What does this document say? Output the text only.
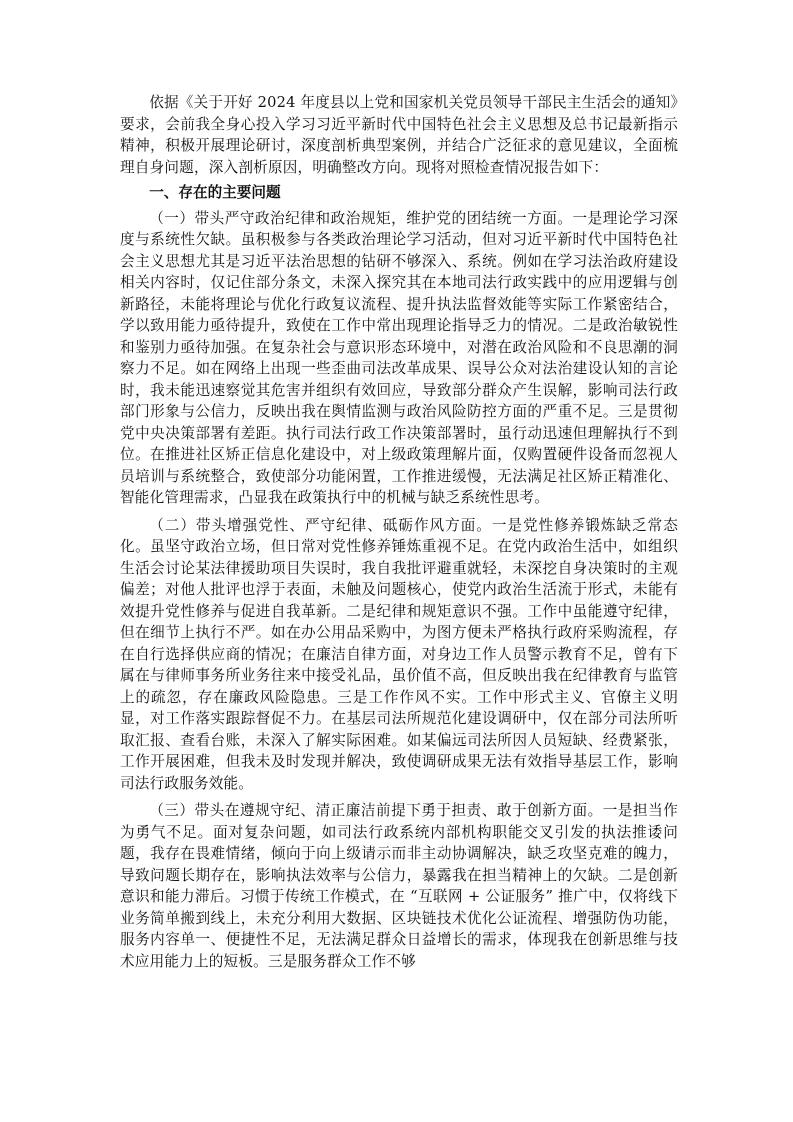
依据《关于开好 2024 年度县以上党和国家机关党员领导干部民主生活会的通知》要求，会前我全身心投入学习习近平新时代中国特色社会主义思想及总书记最新指示精神，积极开展理论研讨，深度剖析典型案例，并结合广泛征求的意见建议，全面梳理自身问题，深入剖析原因，明确整改方向。现将对照检查情况报告如下：

一、存在的主要问题

（一）带头严守政治纪律和政治规矩，维护党的团结统一方面。一是理论学习深度与系统性欠缺。虽积极参与各类政治理论学习活动，但对习近平新时代中国特色社会主义思想尤其是习近平法治思想的钻研不够深入、系统。例如在学习法治政府建设相关内容时，仅记住部分条文，未深入探究其在本地司法行政实践中的应用逻辑与创新路径，未能将理论与优化行政复议流程、提升执法监督效能等实际工作紧密结合，学以致用能力亟待提升，致使在工作中常出现理论指导乏力的情况。二是政治敏锐性和鉴别力亟待加强。在复杂社会与意识形态环境中，对潜在政治风险和不良思潮的洞察力不足。如在网络上出现一些歪曲司法改革成果、误导公众对法治建设认知的言论时，我未能迅速察觉其危害并组织有效回应，导致部分群众产生误解，影响司法行政部门形象与公信力，反映出我在舆情监测与政治风险防控方面的严重不足。三是贯彻党中央决策部署有差距。执行司法行政工作决策部署时，虽行动迅速但理解执行不到位。在推进社区矫正信息化建设中，对上级政策理解片面，仅购置硬件设备而忽视人员培训与系统整合，致使部分功能闲置，工作推进缓慢，无法满足社区矫正精准化、智能化管理需求，凸显我在政策执行中的机械与缺乏系统性思考。

（二）带头增强党性、严守纪律、砥砺作风方面。一是党性修养锻炼缺乏常态化。虽坚守政治立场，但日常对党性修养锤炼重视不足。在党内政治生活中，如组织生活会讨论某法律援助项目失误时，我自我批评避重就轻，未深挖自身决策时的主观偏差；对他人批评也浮于表面，未触及问题核心，使党内政治生活流于形式，未能有效提升党性修养与促进自我革新。二是纪律和规矩意识不强。工作中虽能遵守纪律，但在细节上执行不严。如在办公用品采购中，为图方便未严格执行政府采购流程，存在自行选择供应商的情况；在廉洁自律方面，对身边工作人员警示教育不足，曾有下属在与律师事务所业务往来中接受礼品，虽价值不高，但反映出我在纪律教育与监管上的疏忽，存在廉政风险隐患。三是工作作风不实。工作中形式主义、官僚主义明显，对工作落实跟踪督促不力。在基层司法所规范化建设调研中，仅在部分司法所听取汇报、查看台账，未深入了解实际困难。如某偏远司法所因人员短缺、经费紧张，工作开展困难，但我未及时发现并解决，致使调研成果无法有效指导基层工作，影响司法行政服务效能。

（三）带头在遵规守纪、清正廉洁前提下勇于担责、敢于创新方面。一是担当作为勇气不足。面对复杂问题，如司法行政系统内部机构职能交叉引发的执法推诿问题，我存在畏难情绪，倾向于向上级请示而非主动协调解决，缺乏攻坚克难的魄力，导致问题长期存在，影响执法效率与公信力，暴露我在担当精神上的欠缺。二是创新意识和能力滞后。习惯于传统工作模式，在 “互联网 + 公证服务” 推广中，仅将线下业务简单搬到线上，未充分利用大数据、区块链技术优化公证流程、增强防伪功能，服务内容单一、便捷性不足，无法满足群众日益增长的需求，体现我在创新思维与技术应用能力上的短板。三是服务群众工作不够
